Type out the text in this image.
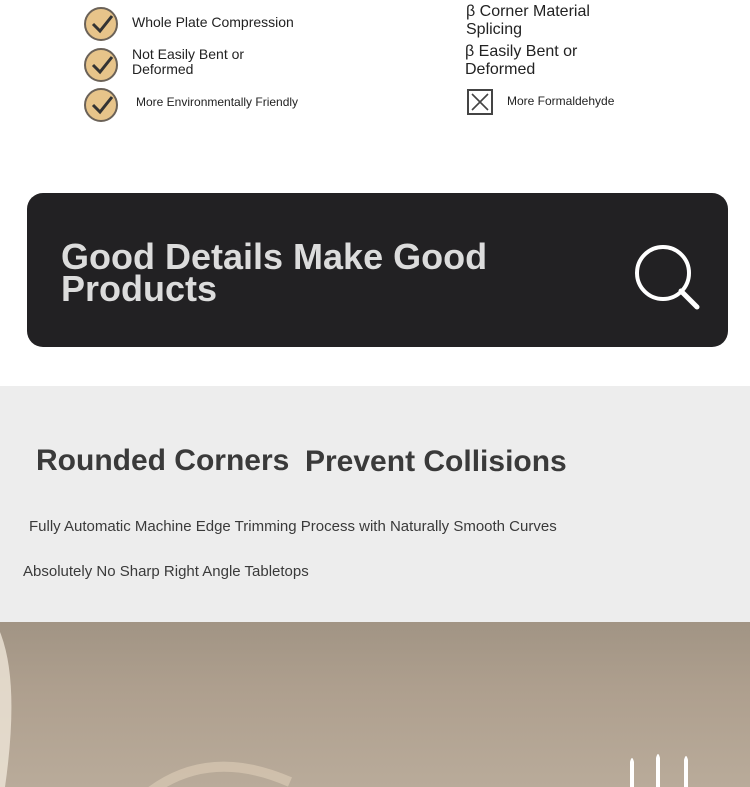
Whole Plate Compression
Not Easily Bent or Deformed
More Environmentally Friendly
β Corner Material Splicing
β Easily Bent or Deformed
More Formaldehyde
Good Details Make Good Products
Rounded Corners Prevent Collisions
Fully Automatic Machine Edge Trimming Process with Naturally Smooth Curves
Absolutely No Sharp Right Angle Tabletops
